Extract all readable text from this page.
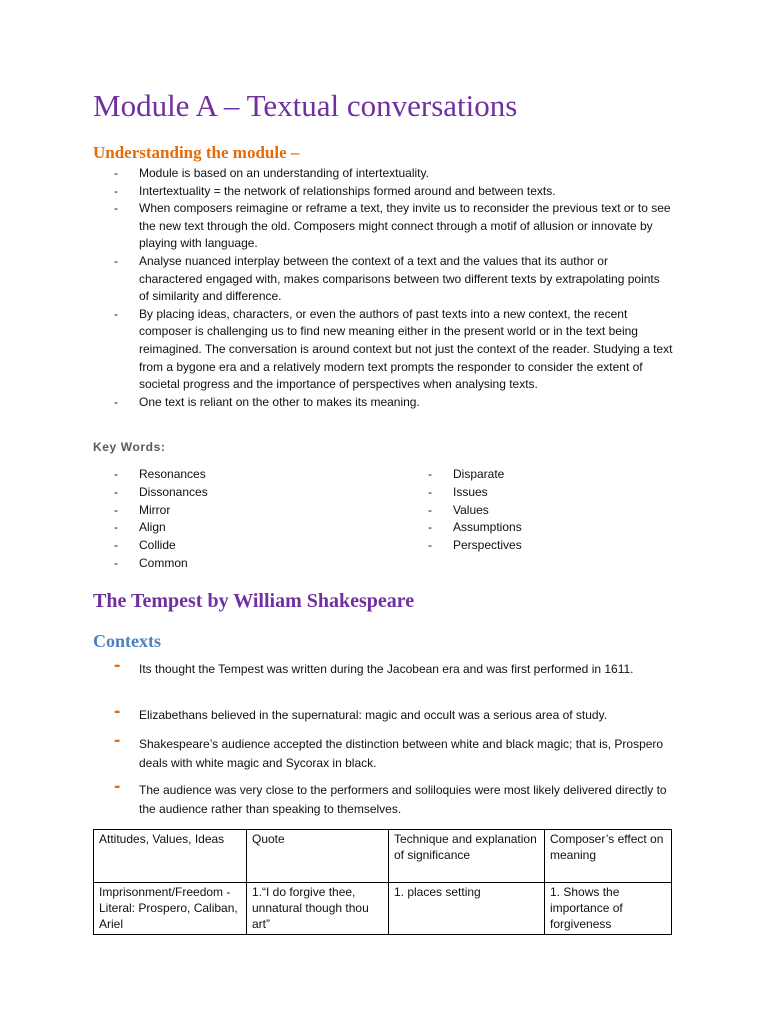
Module A – Textual conversations
Understanding the module –
- Module is based on an understanding of intertextuality.
- Intertextuality = the network of relationships formed around and between texts.
- When composers reimagine or reframe a text, they invite us to reconsider the previous text or to see the new text through the old. Composers might connect through a motif of allusion or innovate by playing with language.
- Analyse nuanced interplay between the context of a text and the values that its author or charactered engaged with, makes comparisons between two different texts by extrapolating points of similarity and difference.
- By placing ideas, characters, or even the authors of past texts into a new context, the recent composer is challenging us to find new meaning either in the present world or in the text being reimagined. The conversation is around context but not just the context of the reader. Studying a text from a bygone era and a relatively modern text prompts the responder to consider the extent of societal progress and the importance of perspectives when analysing texts.
- One text is reliant on the other to makes its meaning.
Key Words:
- Resonances
- Dissonances
- Mirror
- Align
- Collide
- Common
- Disparate
- Issues
- Values
- Assumptions
- Perspectives
The Tempest by William Shakespeare
Contexts
- Its thought the Tempest was written during the Jacobean era and was first performed in 1611.
- Elizabethans believed in the supernatural: magic and occult was a serious area of study.
- Shakespeare’s audience accepted the distinction between white and black magic; that is, Prospero deals with white magic and Sycorax in black.
- The audience was very close to the performers and soliloquies were most likely delivered directly to the audience rather than speaking to themselves.
Attitudes, Values, Ideas	Quote	Technique and explanation of significance	Composer’s effect on meaning
Imprisonment/Freedom -Literal: Prospero, Caliban, Ariel	1.“I do forgive thee, unnatural though thou art”	1. places setting	1. Shows the importance of forgiveness
